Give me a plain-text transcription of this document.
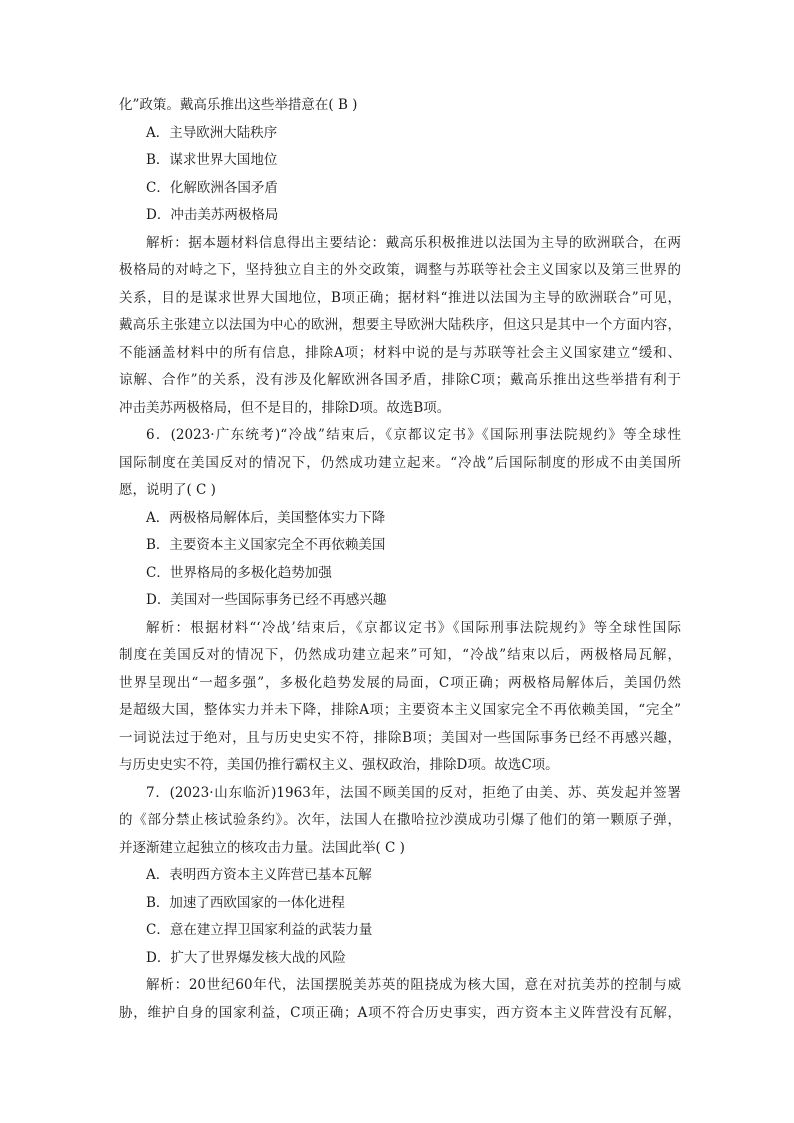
化”政策。戴高乐推出这些举措意在( B )
A．主导欧洲大陆秩序
B．谋求世界大国地位
C．化解欧洲各国矛盾
D．冲击美苏两极格局
解析：据本题材料信息得出主要结论：戴高乐积极推进以法国为主导的欧洲联合，在两
极格局的对峙之下，坚持独立自主的外交政策，调整与苏联等社会主义国家以及第三世界的
关系，目的是谋求世界大国地位，B项正确；据材料“推进以法国为主导的欧洲联合”可见，
戴高乐主张建立以法国为中心的欧洲，想要主导欧洲大陆秩序，但这只是其中一个方面内容，
不能涵盖材料中的所有信息，排除A项；材料中说的是与苏联等社会主义国家建立“缓和、
谅解、合作”的关系，没有涉及化解欧洲各国矛盾，排除C项；戴高乐推出这些举措有利于
冲击美苏两极格局，但不是目的，排除D项。故选B项。
6．(2023·广东统考)“冷战”结束后，《京都议定书》《国际刑事法院规约》等全球性
国际制度在美国反对的情况下，仍然成功建立起来。“冷战”后国际制度的形成不由美国所
愿，说明了( C )
A．两极格局解体后，美国整体实力下降
B．主要资本主义国家完全不再依赖美国
C．世界格局的多极化趋势加强
D．美国对一些国际事务已经不再感兴趣
解析：根据材料“‘冷战’结束后，《京都议定书》《国际刑事法院规约》等全球性国际
制度在美国反对的情况下，仍然成功建立起来”可知，“冷战”结束以后，两极格局瓦解，
世界呈现出“一超多强”，多极化趋势发展的局面，C项正确；两极格局解体后，美国仍然
是超级大国，整体实力并未下降，排除A项；主要资本主义国家完全不再依赖美国，“完全”
一词说法过于绝对，且与历史史实不符，排除B项；美国对一些国际事务已经不再感兴趣，
与历史史实不符，美国仍推行霸权主义、强权政治，排除D项。故选C项。
7．(2023·山东临沂)1963年，法国不顾美国的反对，拒绝了由美、苏、英发起并签署
的《部分禁止核试验条约》。次年，法国人在撒哈拉沙漠成功引爆了他们的第一颗原子弹，
并逐渐建立起独立的核攻击力量。法国此举( C )
A．表明西方资本主义阵营已基本瓦解
B．加速了西欧国家的一体化进程
C．意在建立捍卫国家利益的武装力量
D．扩大了世界爆发核大战的风险
解析：20世纪60年代，法国摆脱美苏英的阻挠成为核大国，意在对抗美苏的控制与威
胁，维护自身的国家利益，C项正确；A项不符合历史事实，西方资本主义阵营没有瓦解，
